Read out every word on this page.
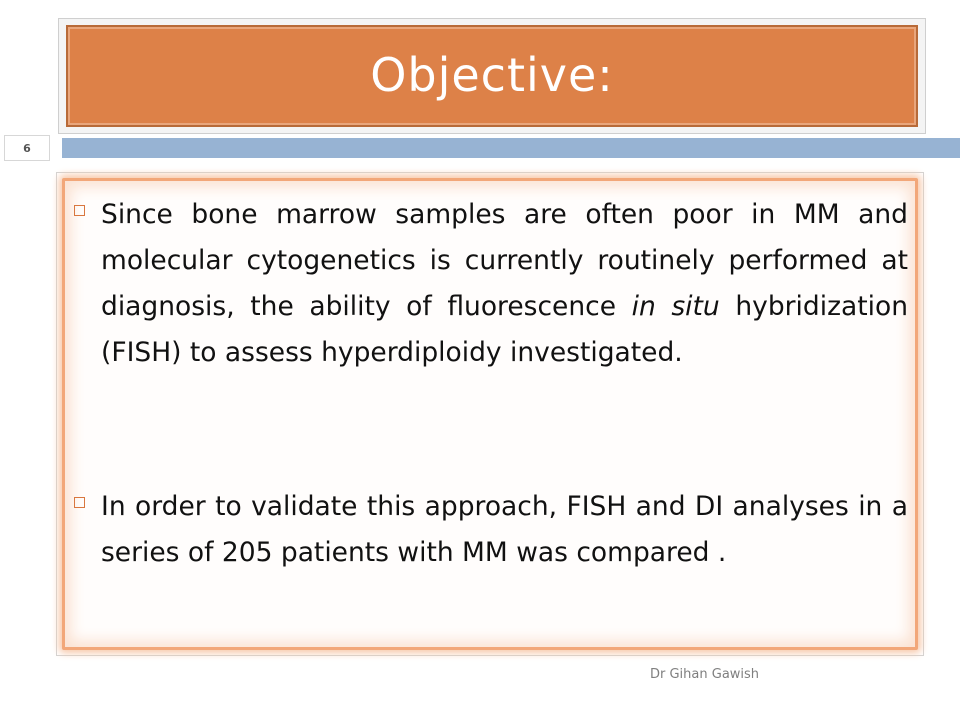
Objective:
6
Since bone marrow samples are often poor in MM and molecular cytogenetics is currently routinely performed at diagnosis, the ability of fluorescence in situ hybridization (FISH) to assess hyperdiploidy investigated.
In order to validate this approach, FISH and DI analyses in a series of 205 patients with MM was compared .
Dr Gihan Gawish
